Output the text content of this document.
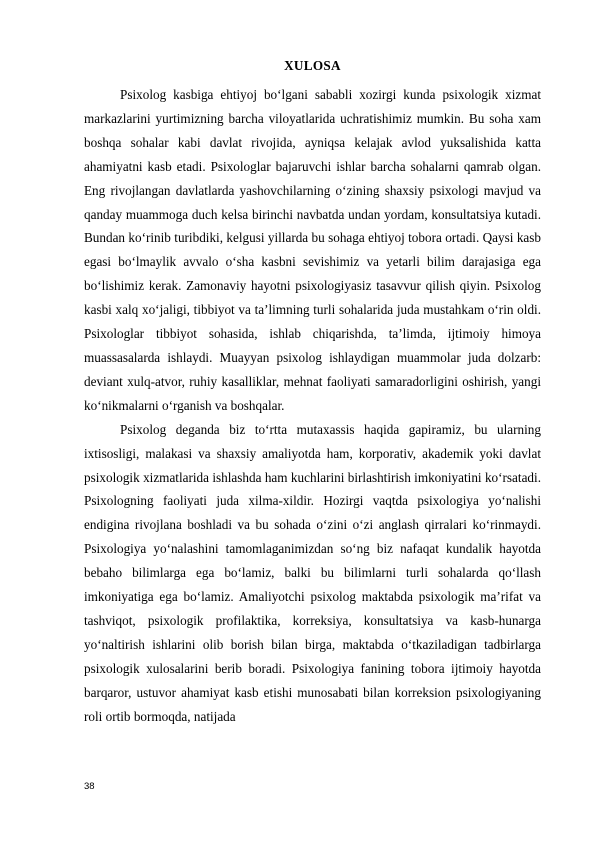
XULOSA

Psixolog kasbiga ehtiyoj bo‘lgani sababli xozirgi kunda psixologik xizmat markazlarini yurtimizning barcha viloyatlarida uchratishimiz mumkin. Bu soha xam boshqa sohalar kabi davlat rivojida, ayniqsa kelajak avlod yuksalishida katta ahamiyatni kasb etadi. Psixologlar bajaruvchi ishlar barcha sohalarni qamrab olgan. Eng rivojlangan davlatlarda yashovchilarning o‘zining shaxsiy psixologi mavjud va qanday muammoga duch kelsa birinchi navbatda undan yordam, konsultatsiya kutadi. Bundan ko‘rinib turibdiki, kelgusi yillarda bu sohaga ehtiyoj tobora ortadi. Qaysi kasb egasi bo‘lmaylik avvalo o‘sha kasbni sevishimiz va yetarli bilim darajasiga ega bo‘lishimiz kerak. Zamonaviy hayotni psixologiyasiz tasavvur qilish qiyin. Psixolog kasbi xalq xo‘jaligi, tibbiyot va ta’limning turli sohalarida juda mustahkam o‘rin oldi. Psixologlar tibbiyot sohasida, ishlab chiqarishda, ta’limda, ijtimoiy himoya muassasalarda ishlaydi. Muayyan psixolog ishlaydigan muammolar juda dolzarb: deviant xulq-atvor, ruhiy kasalliklar, mehnat faoliyati samaradorligini oshirish, yangi ko‘nikmalarni o‘rganish va boshqalar.

Psixolog deganda biz to‘rtta mutaxassis haqida gapiramiz, bu ularning ixtisosligi, malakasi va shaxsiy amaliyotda ham, korporativ, akademik yoki davlat psixologik xizmatlarida ishlashda ham kuchlarini birlashtirish imkoniyatini ko‘rsatadi. Psixologning faoliyati juda xilma-xildir. Hozirgi vaqtda psixologiya yo‘nalishi endigina rivojlana boshladi va bu sohada o‘zini o‘zi anglash qirralari ko‘rinmaydi. Psixologiya yo‘nalashini tamomlaganimizdan so‘ng biz nafaqat kundalik hayotda bebaho bilimlarga ega bo‘lamiz, balki bu bilimlarni turli sohalarda qo‘llash imkoniyatiga ega bo‘lamiz. Amaliyotchi psixolog maktabda psixologik ma’rifat va tashviqot, psixologik profilaktika, korreksiya, konsultatsiya va kasb-hunarga yo‘naltirish ishlarini olib borish bilan birga, maktabda o‘tkaziladigan tadbirlarga psixologik xulosalarini berib boradi. Psixologiya fanining tobora ijtimoiy hayotda barqaror, ustuvor ahamiyat kasb etishi munosabati bilan korreksion psixologiyaning roli ortib bormoqda, natijada

38
